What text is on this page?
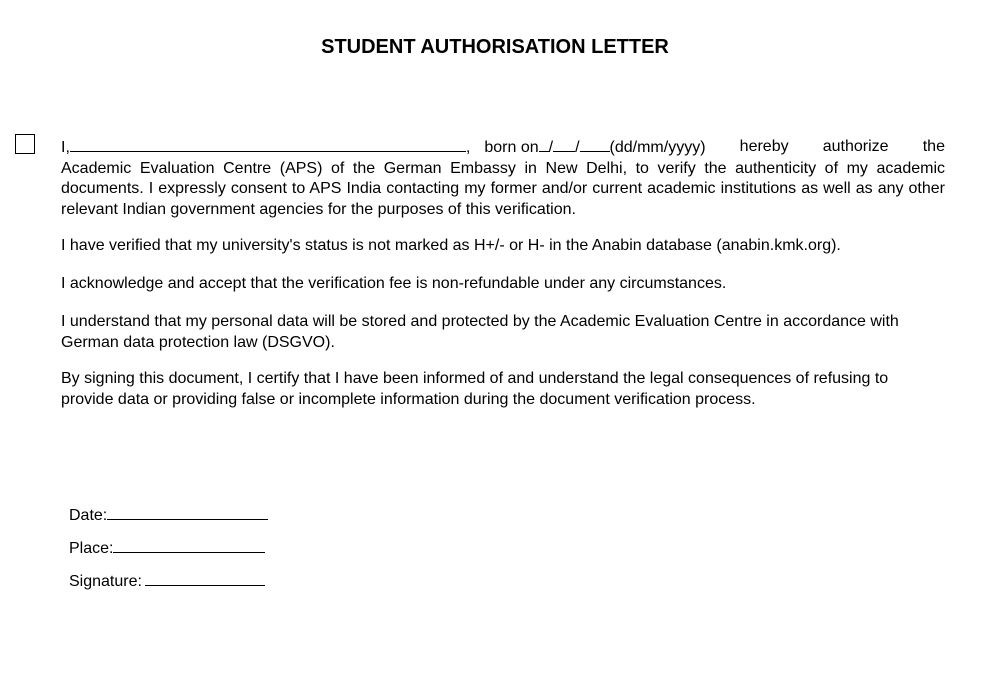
STUDENT AUTHORISATION LETTER
I,	, born on / / (dd/mm/yyyy) hereby authorize the
Academic Evaluation Centre (APS) of the German Embassy in New Delhi, to verify the authenticity of my academic documents. I expressly consent to APS India contacting my former and/or current academic institutions as well as any other relevant Indian government agencies for the purposes of this verification.
I have verified that my university's status is not marked as H+/- or H- in the Anabin database (anabin.kmk.org).
I acknowledge and accept that the verification fee is non-refundable under any circumstances.
I understand that my personal data will be stored and protected by the Academic Evaluation Centre in accordance with German data protection law (DSGVO).
By signing this document, I certify that I have been informed of and understand the legal consequences of refusing to provide data or providing false or incomplete information during the document verification process.
Date:
Place:
Signature:
